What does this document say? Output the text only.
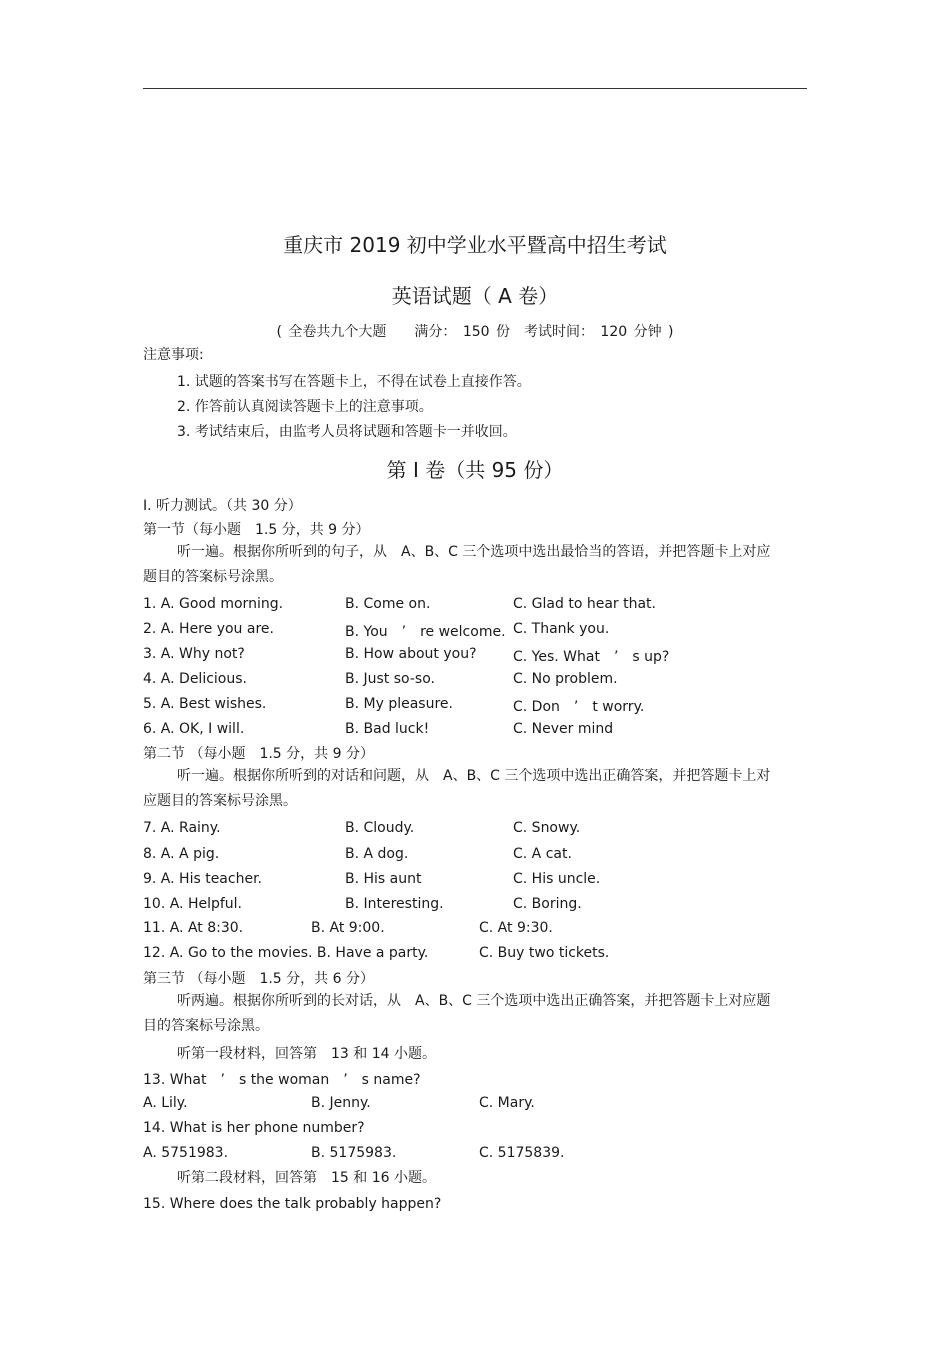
重庆市 2019 初中学业水平暨高中招生考试
英语试题（ A 卷）
( 全卷共九个大题　　满分： 150 份　考试时间： 120 分钟 )
注意事项:
1. 试题的答案书写在答题卡上，不得在试卷上直接作答。
2. 作答前认真阅读答题卡上的注意事项。
3. 考试结束后，由监考人员将试题和答题卡一并收回。
第 I 卷（共 95 份）
I. 听力测试。（共 30 分）
第一节（每小题　1.5 分，共 9 分）
听一遍。根据你所听到的句子，从　A、B、C 三个选项中选出最恰当的答语，并把答题卡上对应题目的答案标号涂黑。
1. A. Good morning.	B. Come on.	C. Glad to hear that.
2. A. Here you are.	B. You　’　re welcome. C. Thank you.
3. A. Why not?	B. How about you?	C. Yes. What　’　s up?
4. A. Delicious.	B. Just so-so.	C. No problem.
5. A. Best wishes.	B. My pleasure.	C. Don　’　t worry.
6. A. OK, I will.	B. Bad luck!	C. Never mind
第二节 （每小题　1.5 分，共 9 分）
听一遍。根据你所听到的对话和问题，从　A、B、C 三个选项中选出正确答案，并把答题卡上对应题目的答案标号涂黑。
7. A. Rainy.	B. Cloudy.	C. Snowy.
8. A. A pig.	B. A dog.	C. A cat.
9. A. His teacher.	B. His aunt	C. His uncle.
10. A. Helpful.	B. Interesting.	C. Boring.
11. A. At 8:30.	B. At 9:00.	C. At 9:30.
12. A. Go to the movies. B. Have a party.	C. Buy two tickets.
第三节 （每小题　1.5 分，共 6 分）
听两遍。根据你所听到的长对话，从　A、B、C 三个选项中选出正确答案，并把答题卡上对应题目的答案标号涂黑。
听第一段材料，回答第　13 和 14 小题。
13. What　’　s the woman　’　s name?
A. Lily.	B. Jenny.	C. Mary.
14. What is her phone number?
A. 5751983.	B. 5175983.	C. 5175839.
听第二段材料，回答第　15 和 16 小题。
15. Where does the talk probably happen?
